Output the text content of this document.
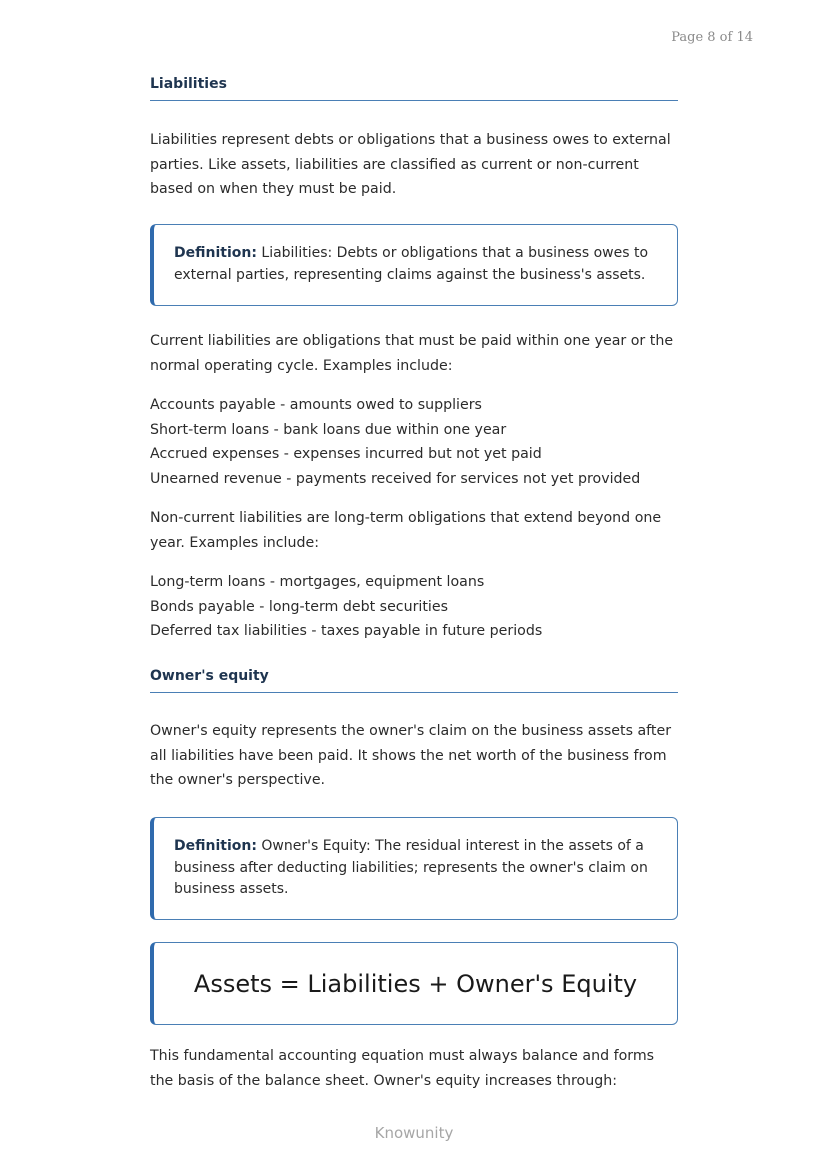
Page 8 of 14
Liabilities

Liabilities represent debts or obligations that a business owes to external parties. Like assets, liabilities are classified as current or non-current based on when they must be paid.

Definition: Liabilities: Debts or obligations that a business owes to external parties, representing claims against the business's assets.

Current liabilities are obligations that must be paid within one year or the normal operating cycle. Examples include:

Accounts payable - amounts owed to suppliers
Short-term loans - bank loans due within one year
Accrued expenses - expenses incurred but not yet paid
Unearned revenue - payments received for services not yet provided

Non-current liabilities are long-term obligations that extend beyond one year. Examples include:

Long-term loans - mortgages, equipment loans
Bonds payable - long-term debt securities
Deferred tax liabilities - taxes payable in future periods
Owner's equity

Owner's equity represents the owner's claim on the business assets after all liabilities have been paid. It shows the net worth of the business from the owner's perspective.

Definition: Owner's Equity: The residual interest in the assets of a business after deducting liabilities; represents the owner's claim on business assets.
Assets = Liabilities + Owner's Equity

This fundamental accounting equation must always balance and forms the basis of the balance sheet. Owner's equity increases through:

Knowunity
